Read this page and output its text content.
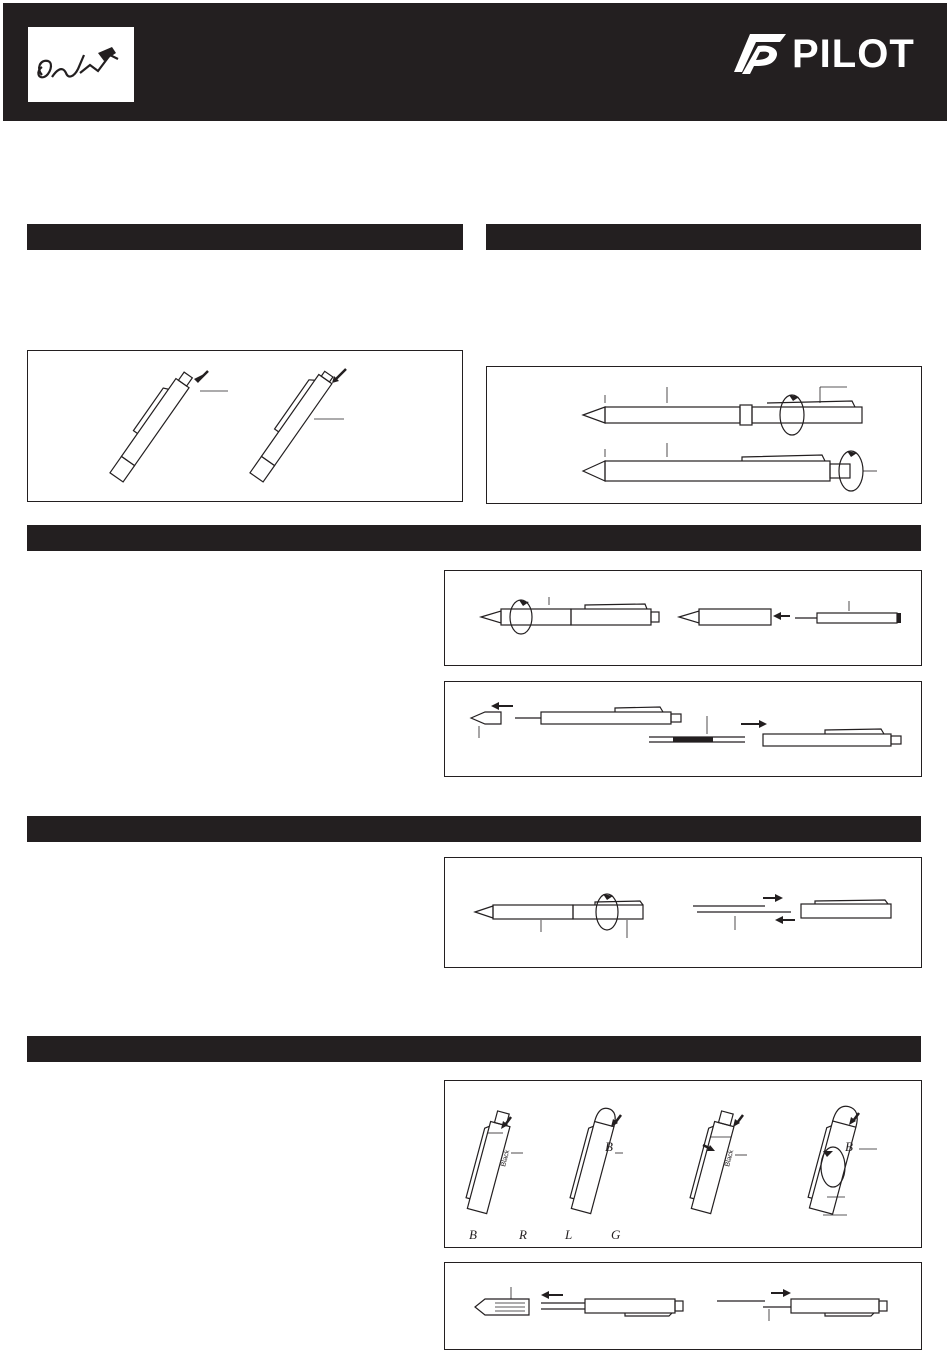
PILOT
Black
B
Black
B
B	R	L	G
